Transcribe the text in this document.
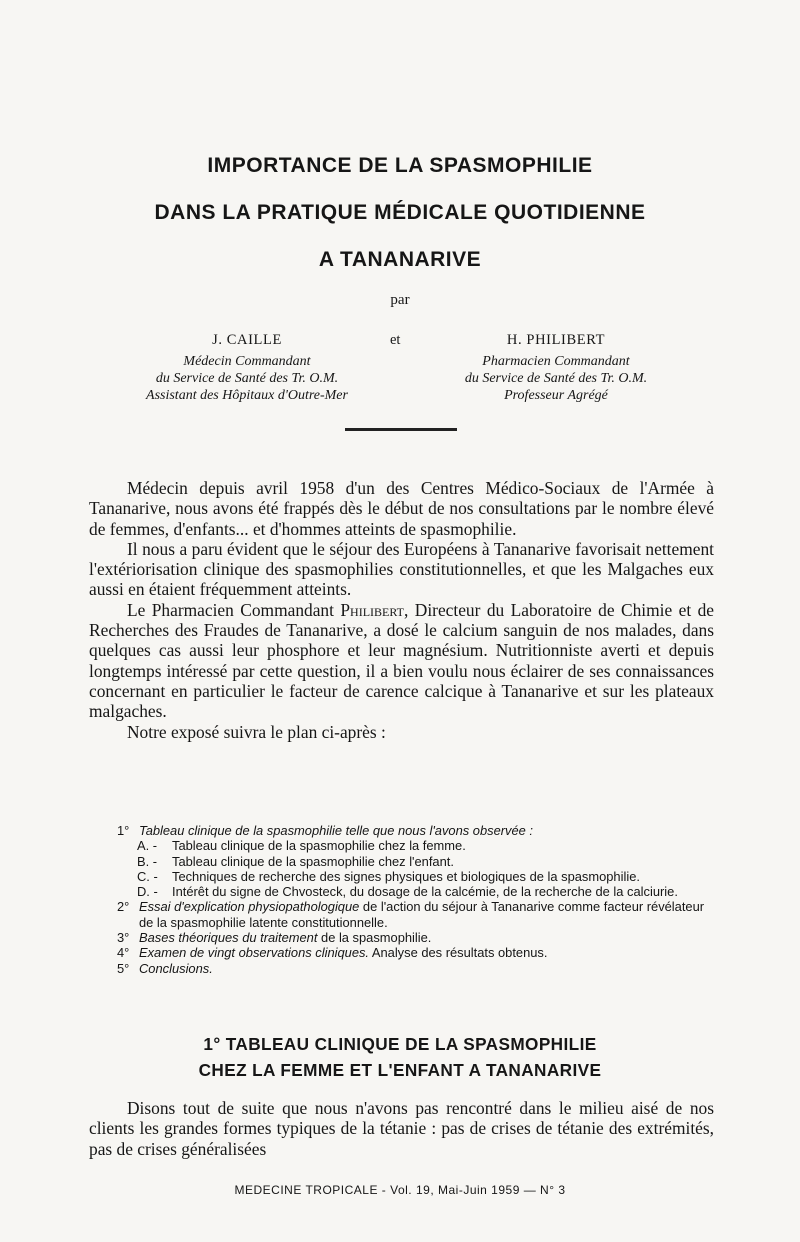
IMPORTANCE DE LA SPASMOPHILIE
DANS LA PRATIQUE MÉDICALE QUOTIDIENNE
A TANANARIVE
par
J. CAILLE
Médecin Commandant
du Service de Santé des Tr. O.M.
Assistant des Hôpitaux d'Outre-Mer
et	H. PHILIBERT
Pharmacien Commandant
du Service de Santé des Tr. O.M.
Professeur Agrégé

Médecin depuis avril 1958 d'un des Centres Médico-Sociaux de l'Armée à Tananarive, nous avons été frappés dès le début de nos consultations par le nombre élevé de femmes, d'enfants... et d'hommes atteints de spasmophilie.

Il nous a paru évident que le séjour des Européens à Tananarive favorisait nettement l'extériorisation clinique des spasmophilies constitutionnelles, et que les Malgaches eux aussi en étaient fréquemment atteints.

Le Pharmacien Commandant Philibert, Directeur du Laboratoire de Chimie et de Recherches des Fraudes de Tananarive, a dosé le calcium sanguin de nos malades, dans quelques cas aussi leur phosphore et leur magnésium. Nutritionniste averti et depuis longtemps intéressé par cette question, il a bien voulu nous éclairer de ses connaissances concernant en particulier le facteur de carence calcique à Tananarive et sur les plateaux malgaches.

Notre exposé suivra le plan ci-après :

1° Tableau clinique de la spasmophilie telle que nous l'avons observée :
A. - Tableau clinique de la spasmophilie chez la femme.
B. - Tableau clinique de la spasmophilie chez l'enfant.
C. - Techniques de recherche des signes physiques et biologiques de la spasmophilie.
D. - Intérêt du signe de Chvosteck, du dosage de la calcémie, de la recherche de la calciurie.
2° Essai d'explication physiopathologique de l'action du séjour à Tananarive comme facteur révélateur de la spasmophilie latente constitutionnelle.
3° Bases théoriques du traitement de la spasmophilie.
4° Examen de vingt observations cliniques. Analyse des résultats obtenus.
5° Conclusions.
1° TABLEAU CLINIQUE DE LA SPASMOPHILIE
CHEZ LA FEMME ET L'ENFANT A TANANARIVE

Disons tout de suite que nous n'avons pas rencontré dans le milieu aisé de nos clients les grandes formes typiques de la tétanie : pas de crises de tétanie des extrémités, pas de crises généralisées

MEDECINE TROPICALE - Vol. 19, Mai-Juin 1959 — N° 3
